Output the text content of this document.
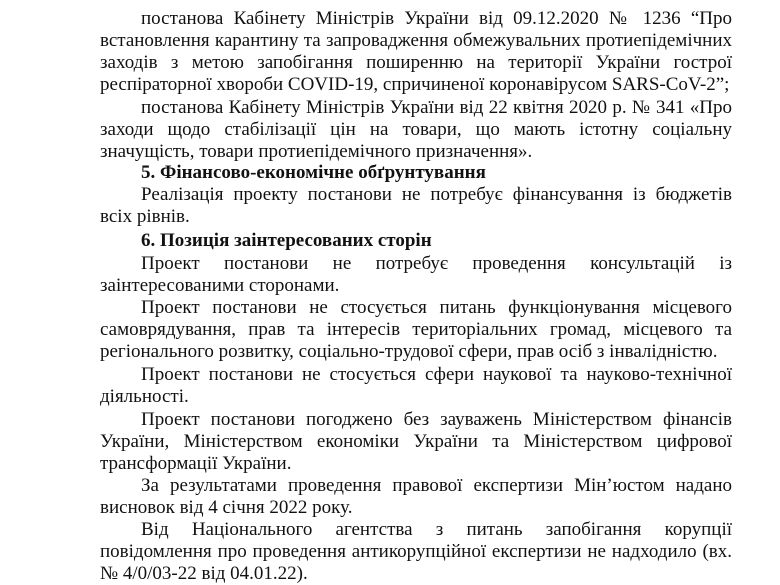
постанова Кабінету Міністрів України від 09.12.2020 № 1236 “Про встановлення карантину та запровадження обмежувальних протиепідемічних заходів з метою запобігання поширенню на території України гострої респіраторної хвороби COVID-19, спричиненої коронавірусом SARS-CoV-2”;

постанова Кабінету Міністрів України від 22 квітня 2020 р. № 341 «Про заходи щодо стабілізації цін на товари, що мають істотну соціальну значущість, товари протиепідемічного призначення».

5. Фінансово-економічне обґрунтування

Реалізація проекту постанови не потребує фінансування із бюджетів всіх рівнів.

6. Позиція заінтересованих сторін

Проект постанови не потребує проведення консультацій із заінтересованими сторонами.

Проект постанови не стосується питань функціонування місцевого самоврядування, прав та інтересів територіальних громад, місцевого та регіонального розвитку, соціально-трудової сфери, прав осіб з інвалідністю.

Проект постанови не стосується сфери наукової та науково-технічної діяльності.

Проект постанови погоджено без зауважень Міністерством фінансів України, Міністерством економіки України та Міністерством цифрової трансформації України.

За результатами проведення правової експертизи Мін’юстом надано висновок від 4 січня 2022 року.

Від Національного агентства з питань запобігання корупції повідомлення про проведення антикорупційної експертизи не надходило (вх. № 4/0/03-22 від 04.01.22).
